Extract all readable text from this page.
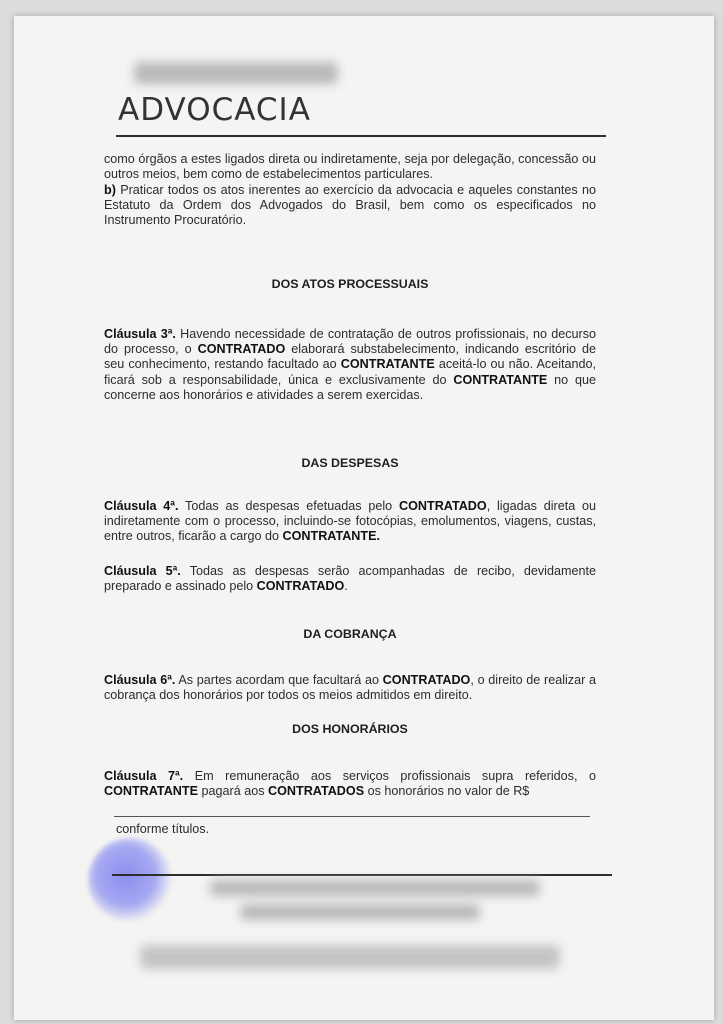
ADVOCACIA

como órgãos a estes ligados direta ou indiretamente, seja por delegação, concessão ou outros meios, bem como de estabelecimentos particulares.

b) Praticar todos os atos inerentes ao exercício da advocacia e aqueles constantes no Estatuto da Ordem dos Advogados do Brasil, bem como os especificados no Instrumento Procuratório.

DOS ATOS PROCESSUAIS

Cláusula 3ª. Havendo necessidade de contratação de outros profissionais, no decurso do processo, o CONTRATADO elaborará substabelecimento, indicando escritório de seu conhecimento, restando facultado ao CONTRATANTE aceitá-lo ou não. Aceitando, ficará sob a responsabilidade, única e exclusivamente do CONTRATANTE no que concerne aos honorários e atividades a serem exercidas.

DAS DESPESAS

Cláusula 4ª. Todas as despesas efetuadas pelo CONTRATADO, ligadas direta ou indiretamente com o processo, incluindo-se fotocópias, emolumentos, viagens, custas, entre outros, ficarão a cargo do CONTRATANTE.

Cláusula 5ª. Todas as despesas serão acompanhadas de recibo, devidamente preparado e assinado pelo CONTRATADO.

DA COBRANÇA

Cláusula 6ª. As partes acordam que facultará ao CONTRATADO, o direito de realizar a cobrança dos honorários por todos os meios admitidos em direito.

DOS HONORÁRIOS

Cláusula 7ª. Em remuneração aos serviços profissionais supra referidos, o CONTRATANTE pagará aos CONTRATADOS os honorários no valor de R$

conforme títulos.
